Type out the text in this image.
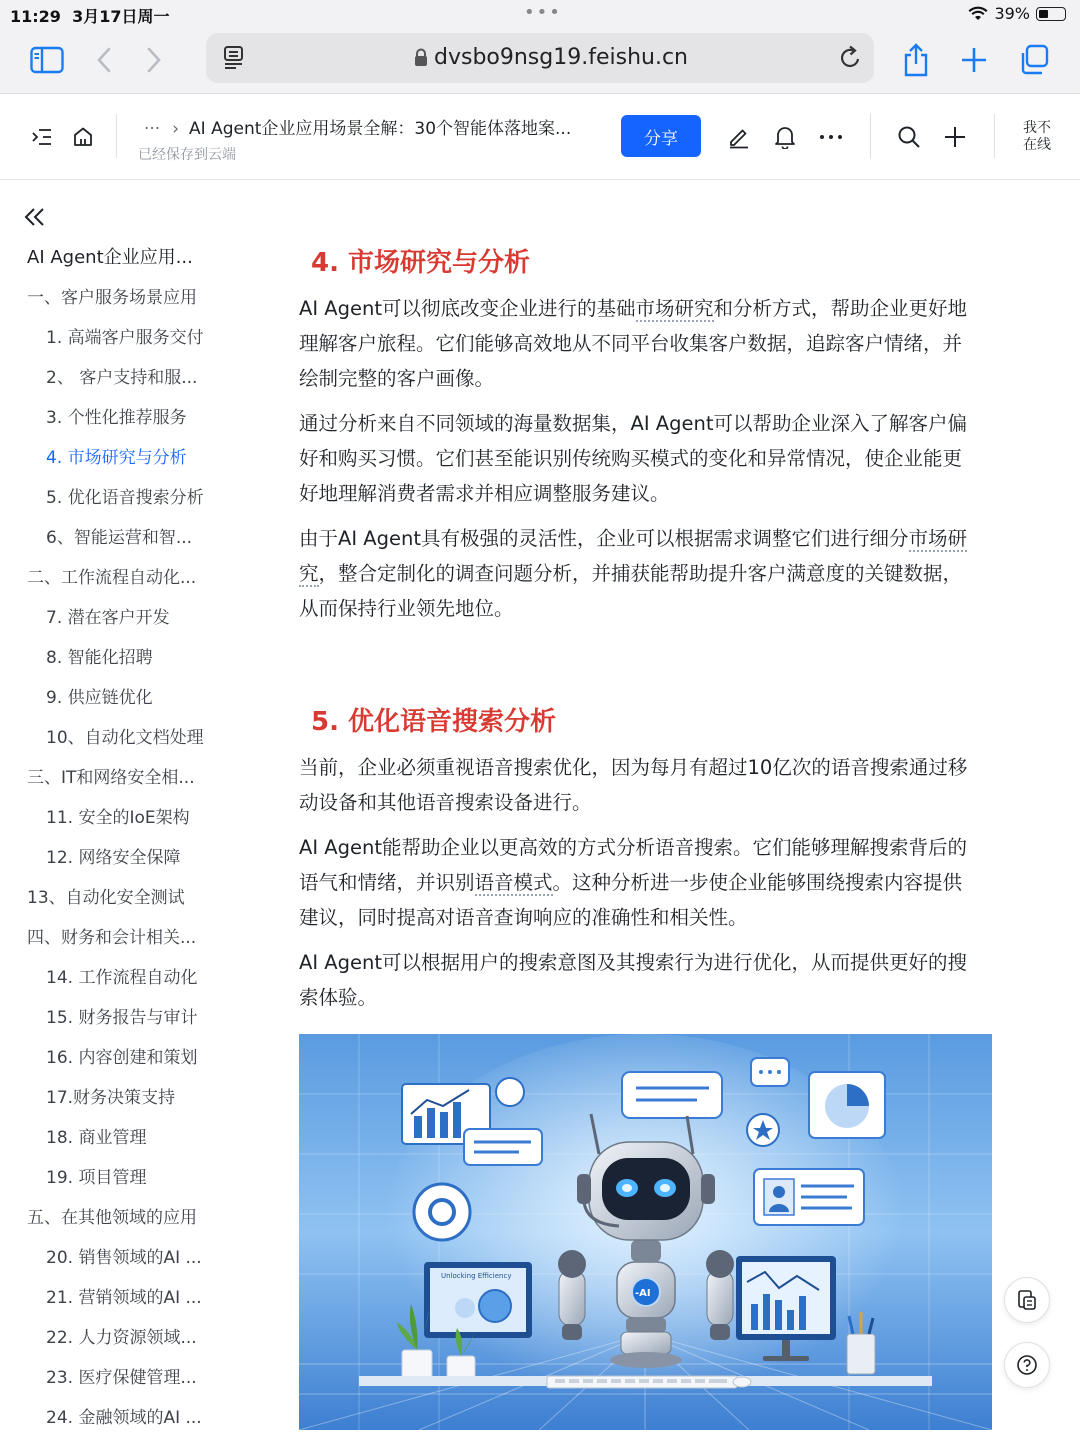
11:29 3月17日周一	•••	39%
dvsbo9nsg19.feishu.cn
··· › AI Agent企业应用场景全解：30个智能体落地案...
已经保存到云端
分享
我不在线
AI Agent企业应用...
一、客户服务场景应用
1. 高端客户服务交付
2、 客户支持和服...
3. 个性化推荐服务
4. 市场研究与分析
5. 优化语音搜索分析
6、智能运营和智...
二、工作流程自动化...
7. 潜在客户开发
8. 智能化招聘
9. 供应链优化
10、自动化文档处理
三、IT和网络安全相...
11. 安全的IoE架构
12. 网络安全保障
13、自动化安全测试
四、财务和会计相关...
14. 工作流程自动化
15. 财务报告与审计
16. 内容创建和策划
17.财务决策支持
18. 商业管理
19. 项目管理
五、在其他领域的应用
20. 销售领域的AI ...
21. 营销领域的AI ...
22. 人力资源领域...
23. 医疗保健管理...
24. 金融领域的AI ...
4. 市场研究与分析

AI Agent可以彻底改变企业进行的基础市场研究和分析方式，帮助企业更好地理解客户旅程。它们能够高效地从不同平台收集客户数据，追踪客户情绪，并绘制完整的客户画像。

通过分析来自不同领域的海量数据集，AI Agent可以帮助企业深入了解客户偏好和购买习惯。它们甚至能识别传统购买模式的变化和异常情况，使企业能更好地理解消费者需求并相应调整服务建议。

由于AI Agent具有极强的灵活性，企业可以根据需求调整它们进行细分市场研究，整合定制化的调查问题分析，并捕获能帮助提升客户满意度的关键数据，从而保持行业领先地位。

5. 优化语音搜索分析

当前，企业必须重视语音搜索优化，因为每月有超过10亿次的语音搜索通过移动设备和其他语音搜索设备进行。

AI Agent能帮助企业以更高效的方式分析语音搜索。它们能够理解搜索背后的语气和情绪，并识别语音模式。这种分析进一步使企业能够围绕搜索内容提供建议，同时提高对语音查询响应的准确性和相关性。

AI Agent可以根据用户的搜索意图及其搜索行为进行优化，从而提供更好的搜索体验。

Unlocking Efficiency
-AI
